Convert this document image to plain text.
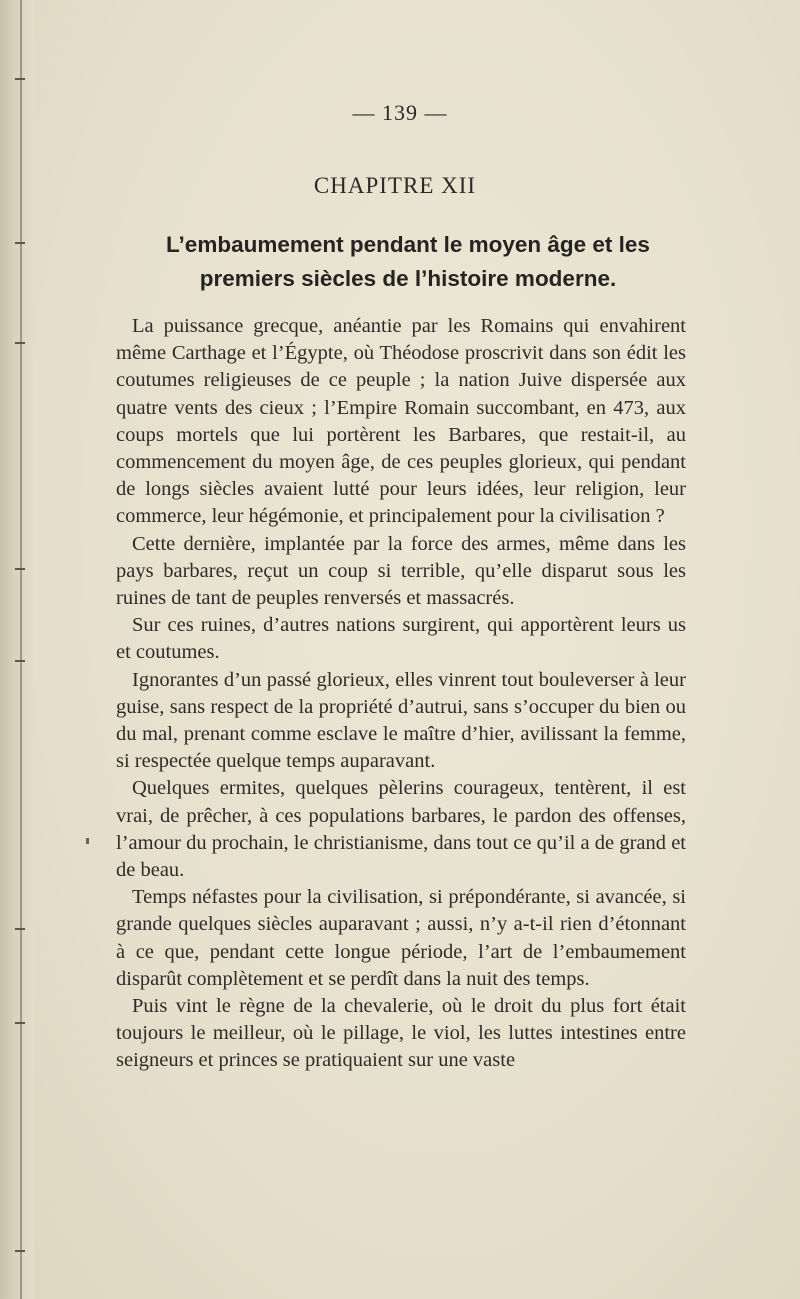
— 139 —
CHAPITRE XII
L’embaumement pendant le moyen âge et les
premiers siècles de l’histoire moderne.

La puissance grecque, anéantie par les Romains qui envahirent même Carthage et l’Égypte, où Théodose proscrivit dans son édit les coutumes religieuses de ce peuple ; la nation Juive dispersée aux quatre vents des cieux ; l’Empire Romain succombant, en 473, aux coups mortels que lui portèrent les Barbares, que restait-il, au commencement du moyen âge, de ces peuples glorieux, qui pendant de longs siècles avaient lutté pour leurs idées, leur religion, leur commerce, leur hégémonie, et principalement pour la civilisation ?

Cette dernière, implantée par la force des armes, même dans les pays barbares, reçut un coup si terrible, qu’elle disparut sous les ruines de tant de peuples renversés et massacrés.

Sur ces ruines, d’autres nations surgirent, qui apportèrent leurs us et coutumes.

Ignorantes d’un passé glorieux, elles vinrent tout bouleverser à leur guise, sans respect de la propriété d’autrui, sans s’occuper du bien ou du mal, prenant comme esclave le maître d’hier, avilissant la femme, si respectée quelque temps auparavant.

Quelques ermites, quelques pèlerins courageux, tentèrent, il est vrai, de prêcher, à ces populations barbares, le pardon des offenses, l’amour du prochain, le christianisme, dans tout ce qu’il a de grand et de beau.

Temps néfastes pour la civilisation, si prépondérante, si avancée, si grande quelques siècles auparavant ; aussi, n’y a-t-il rien d’étonnant à ce que, pendant cette longue période, l’art de l’embaumement disparût complètement et se perdît dans la nuit des temps.

Puis vint le règne de la chevalerie, où le droit du plus fort était toujours le meilleur, où le pillage, le viol, les luttes intestines entre seigneurs et princes se pratiquaient sur une vaste
